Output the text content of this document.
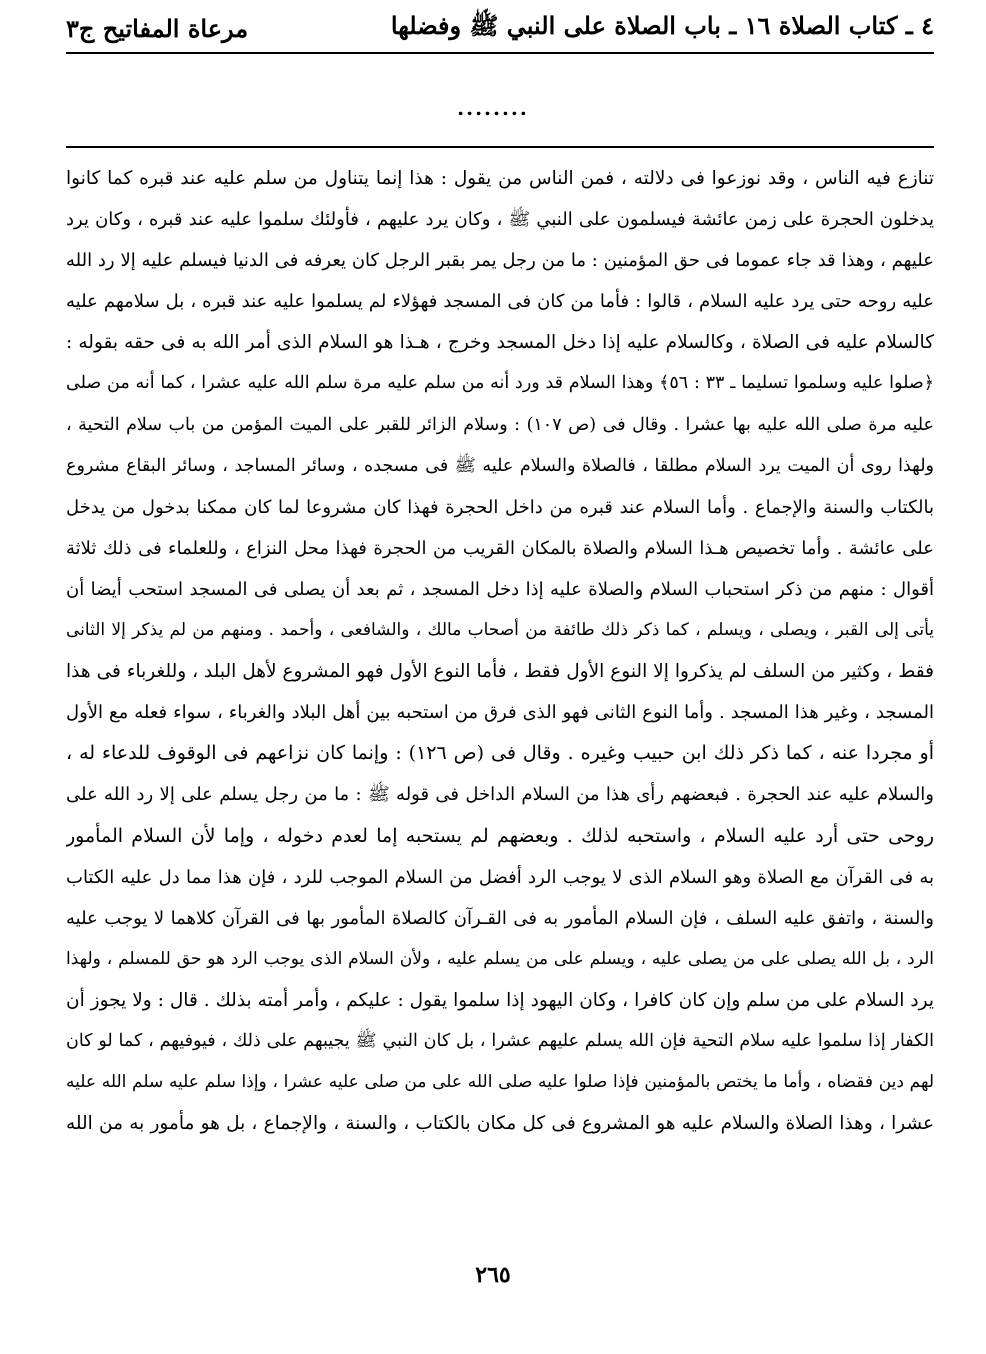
مرعاة المفاتيح ج٣	٤ ـ كتاب الصلاة ١٦ ـ باب الصلاة على النبي ﷺ وفضلها
........
تنازع فيه الناس ، وقد نوزعوا فى دلالته ، فمن الناس من يقول : هذا إنما يتناول من سلم عليه عند قبره كما كانوا
يدخلون الحجرة على زمن عائشة فيسلمون على النبي ﷺ ، وكان يرد عليهم ، فأولئك سلموا عليه عند قبره ، وكان يرد
عليهم ، وهذا قد جاء عموما فى حق المؤمنين : ما من رجل يمر بقبر الرجل كان يعرفه فى الدنيا فيسلم عليه إلا رد الله
عليه روحه حتى يرد عليه السلام ، قالوا : فأما من كان فى المسجد فهؤلاء لم يسلموا عليه عند قبره ، بل سلامهم عليه
كالسلام عليه فى الصلاة ، وكالسلام عليه إذا دخل المسجد وخرج ، هـذا هو السلام الذى أمر الله به فى حقه بقوله :
﴿صلوا عليه وسلموا تسليما ـ ٣٣ : ٥٦﴾ وهذا السلام قد ورد أنه من سلم عليه مرة سلم الله عليه عشرا ، كما أنه من صلى
عليه مرة صلى الله عليه بها عشرا . وقال فى (ص ١٠٧) : وسلام الزائر للقبر على الميت المؤمن من باب سلام التحية ،
ولهذا روى أن الميت يرد السلام مطلقا ، فالصلاة والسلام عليه ﷺ فى مسجده ، وسائر المساجد ، وسائر البقاع مشروع
بالكتاب والسنة والإجماع . وأما السلام عند قبره من داخل الحجرة فهذا كان مشروعا لما كان ممكنا بدخول من يدخل
على عائشة . وأما تخصيص هـذا السلام والصلاة بالمكان القريب من الحجرة فهذا محل النزاع ، وللعلماء فى ذلك ثلاثة
أقوال : منهم من ذكر استحباب السلام والصلاة عليه إذا دخل المسجد ، ثم بعد أن يصلى فى المسجد استحب أيضا أن
يأتى إلى القبر ، ويصلى ، ويسلم ، كما ذكر ذلك طائفة من أصحاب مالك ، والشافعى ، وأحمد . ومنهم من لم يذكر إلا الثانى
فقط ، وكثير من السلف لم يذكروا إلا النوع الأول فقط ، فأما النوع الأول فهو المشروع لأهل البلد ، وللغرباء فى هذا
المسجد ، وغير هذا المسجد . وأما النوع الثانى فهو الذى فرق من استحبه بين أهل البلاد والغرباء ، سواء فعله مع الأول
أو مجردا عنه ، كما ذكر ذلك ابن حبيب وغيره . وقال فى (ص ١٢٦) : وإنما كان نزاعهم فى الوقوف للدعاء له ،
والسلام عليه عند الحجرة . فبعضهم رأى هذا من السلام الداخل فى قوله ﷺ : ما من رجل يسلم على إلا رد الله على
روحى حتى أرد عليه السلام ، واستحبه لذلك . وبعضهم لم يستحبه إما لعدم دخوله ، وإما لأن السلام المأمور
به فى القرآن مع الصلاة وهو السلام الذى لا يوجب الرد أفضل من السلام الموجب للرد ، فإن هذا مما دل عليه الكتاب
والسنة ، واتفق عليه السلف ، فإن السلام المأمور به فى القـرآن كالصلاة المأمور بها فى القرآن كلاهما لا يوجب عليه
الرد ، بل الله يصلى على من يصلى عليه ، ويسلم على من يسلم عليه ، ولأن السلام الذى يوجب الرد هو حق للمسلم ، ولهذا
يرد السلام على من سلم وإن كان كافرا ، وكان اليهود إذا سلموا يقول : عليكم ، وأمر أمته بذلك . قال : ولا يجوز أن
الكفار إذا سلموا عليه سلام التحية فإن الله يسلم عليهم عشرا ، بل كان النبي ﷺ يجيبهم على ذلك ، فيوفيهم ، كما لو كان
لهم دين فقضاه ، وأما ما يختص بالمؤمنين فإذا صلوا عليه صلى الله على من صلى عليه عشرا ، وإذا سلم عليه سلم الله عليه
عشرا ، وهذا الصلاة والسلام عليه هو المشروع فى كل مكان بالكتاب ، والسنة ، والإجماع ، بل هو مأمور به من الله
٢٦٥
